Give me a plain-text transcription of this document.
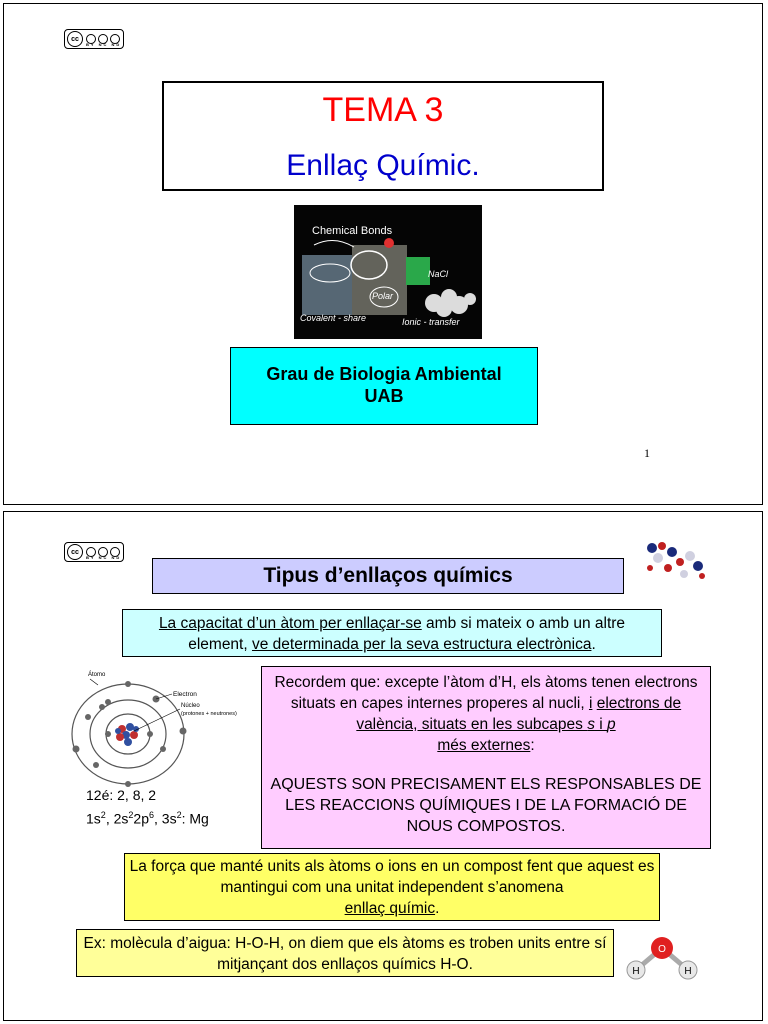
cc
BY NC ND
TEMA 3
Enllaç Químic.
Chemical Bonds
Covalent - share
Polar
NaCl
Ionic - transfer
Grau de Biologia Ambiental
UAB
1
cc
BY NC ND
Tipus d’enllaços químics
La capacitat d’un àtom per enllaçar-se amb si mateix o amb un altre element, ve determinada per la seva estructura electrònica.
Átomo
Electron
Núcleo
(protones + neutrones)
12é: 2, 8, 2
$1s^2$, $2s^22p^6$, $3s^2$: Mg
Recordem que: excepte l’àtom d’H, els àtoms tenen electrons situats en capes internes properes al nucli, i electrons de valència, situats en les subcapes s i p
més externes:
AQUESTS SON PRECISAMENT ELS RESPONSABLES DE LES REACCIONS QUÍMIQUES I DE LA FORMACIÓ DE NOUS COMPOSTOS.
La força que manté units als àtoms o ions en un compost fent que aquest es mantingui com una unitat independent s’anomena
enllaç químic.
Ex: molècula d’aigua: H-O-H, on diem que els àtoms es troben units entre sí mitjançant dos enllaços químics H-O.
O
H	H
